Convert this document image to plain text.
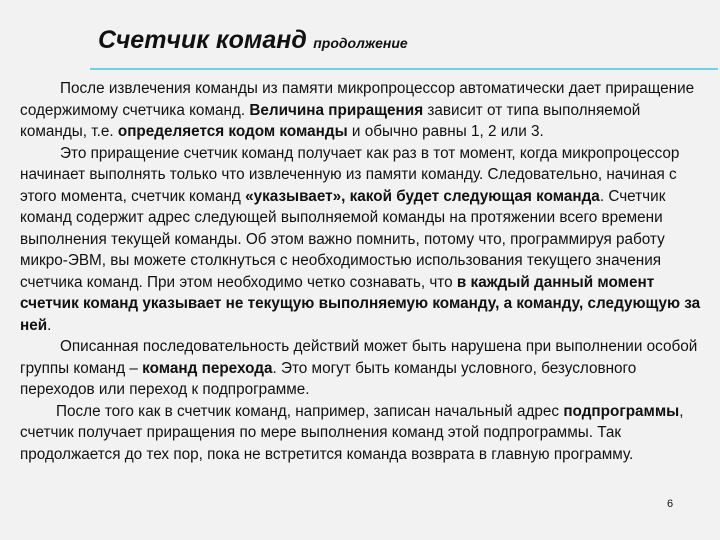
Счетчик команд продолжение

После извлечения команды из памяти микропроцессор автоматически дает приращение содержимому счетчика команд. Величина приращения зависит от типа выполняемой команды, т.е. определяется кодом команды и обычно равны 1, 2 или 3.

Это приращение счетчик команд получает как раз в тот момент, когда микропроцессор начинает выполнять только что извлеченную из памяти команду. Следовательно, начиная с этого момента, счетчик команд «указывает», какой будет следующая команда. Счетчик команд содержит адрес следующей выполняемой команды на протяжении всего времени выполнения текущей команды. Об этом важно помнить, потому что, программируя работу микро-ЭВМ, вы можете столкнуться с необходимостью использования текущего значения счетчика команд. При этом необходимо четко сознавать, что в каждый данный момент счетчик команд указывает не текущую выполняемую команду, а команду, следующую за ней.

Описанная последовательность действий может быть нарушена при выполнении особой группы команд – команд перехода. Это могут быть команды условного, безусловного переходов или переход к подпрограмме.

После того как в счетчик команд, например, записан начальный адрес подпрограммы, счетчик получает приращения по мере выполнения команд этой подпрограммы. Так продолжается до тех пор, пока не встретится команда возврата в главную программу.

6
